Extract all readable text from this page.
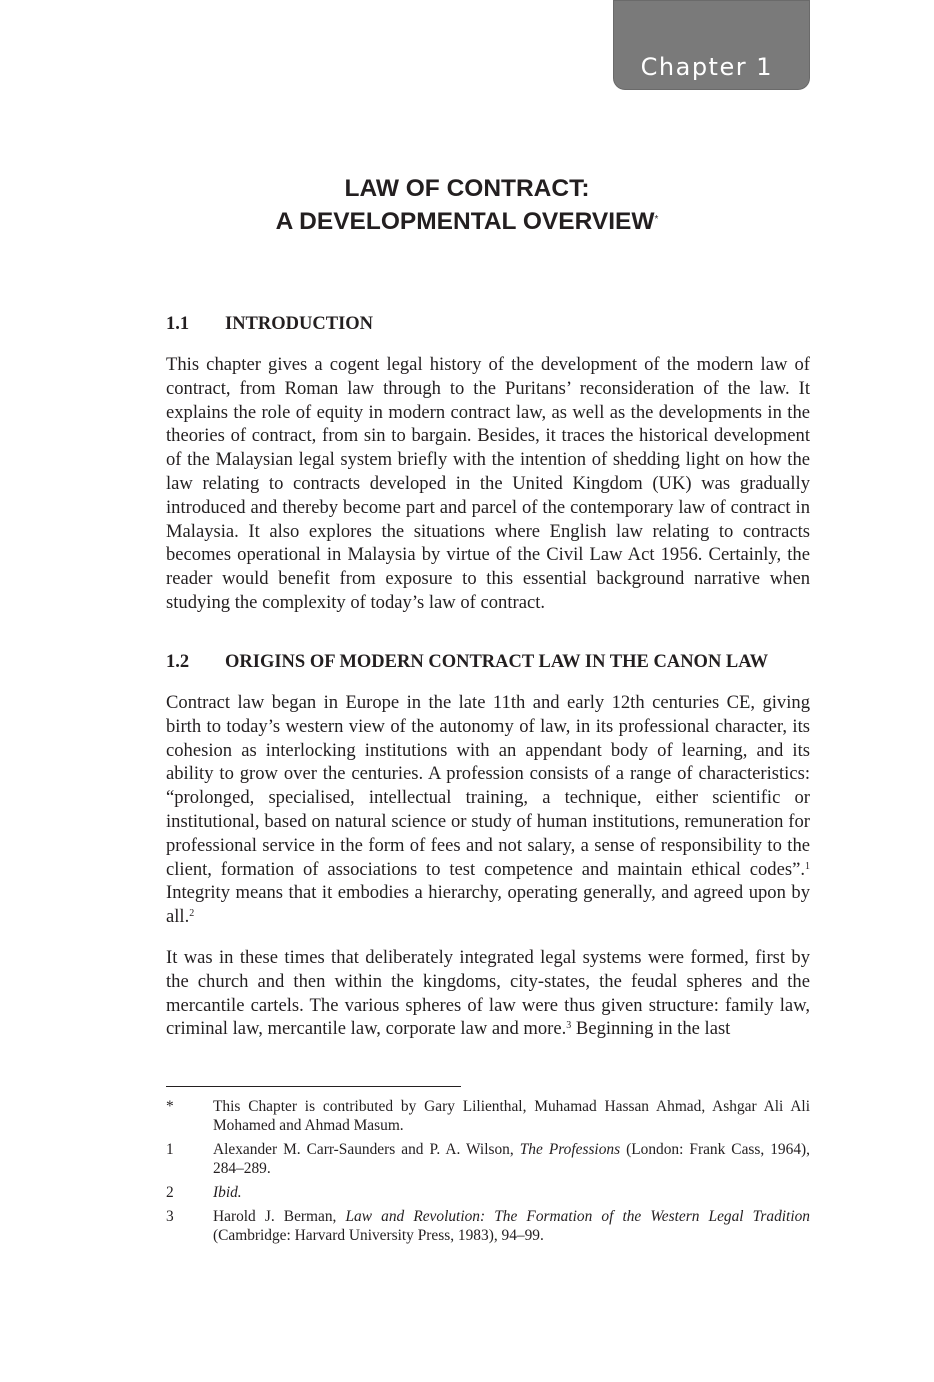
Chapter 1
LAW OF CONTRACT:
A DEVELOPMENTAL OVERVIEW*
1.1 INTRODUCTION

This chapter gives a cogent legal history of the development of the modern law of contract, from Roman law through to the Puritans’ reconsideration of the law. It explains the role of equity in modern contract law, as well as the developments in the theories of contract, from sin to bargain. Besides, it traces the historical development of the Malaysian legal system briefly with the intention of shedding light on how the law relating to contracts developed in the United Kingdom (UK) was gradually introduced and thereby become part and parcel of the contemporary law of contract in Malaysia. It also explores the situations where English law relating to contracts becomes operational in Malaysia by virtue of the Civil Law Act 1956. Certainly, the reader would benefit from exposure to this essential background narrative when studying the complexity of today’s law of contract.

1.2 ORIGINS OF MODERN CONTRACT LAW IN THE CANON LAW

Contract law began in Europe in the late 11th and early 12th centuries CE, giving birth to today’s western view of the autonomy of law, in its professional character, its cohesion as interlocking institutions with an appendant body of learning, and its ability to grow over the centuries. A profession consists of a range of characteristics: “prolonged, specialised, intellectual training, a technique, either scientific or institutional, based on natural science or study of human institutions, remuneration for professional service in the form of fees and not salary, a sense of responsibility to the client, formation of associations to test competence and maintain ethical codes”.$^1$ Integrity means that it embodies a hierarchy, operating generally, and agreed upon by all.$^2$

It was in these times that deliberately integrated legal systems were formed, first by the church and then within the kingdoms, city-states, the feudal spheres and the mercantile cartels. The various spheres of law were thus given structure: family law, criminal law, mercantile law, corporate law and more.$^3$ Beginning in the last

*	This Chapter is contributed by Gary Lilienthal, Muhamad Hassan Ahmad, Ashgar Ali Ali Mohamed and Ahmad Masum.
1	Alexander M. Carr-Saunders and P. A. Wilson, The Professions (London: Frank Cass, 1964), 284–289.
2	Ibid.
3	Harold J. Berman, Law and Revolution: The Formation of the Western Legal Tradition (Cambridge: Harvard University Press, 1983), 94–99.
